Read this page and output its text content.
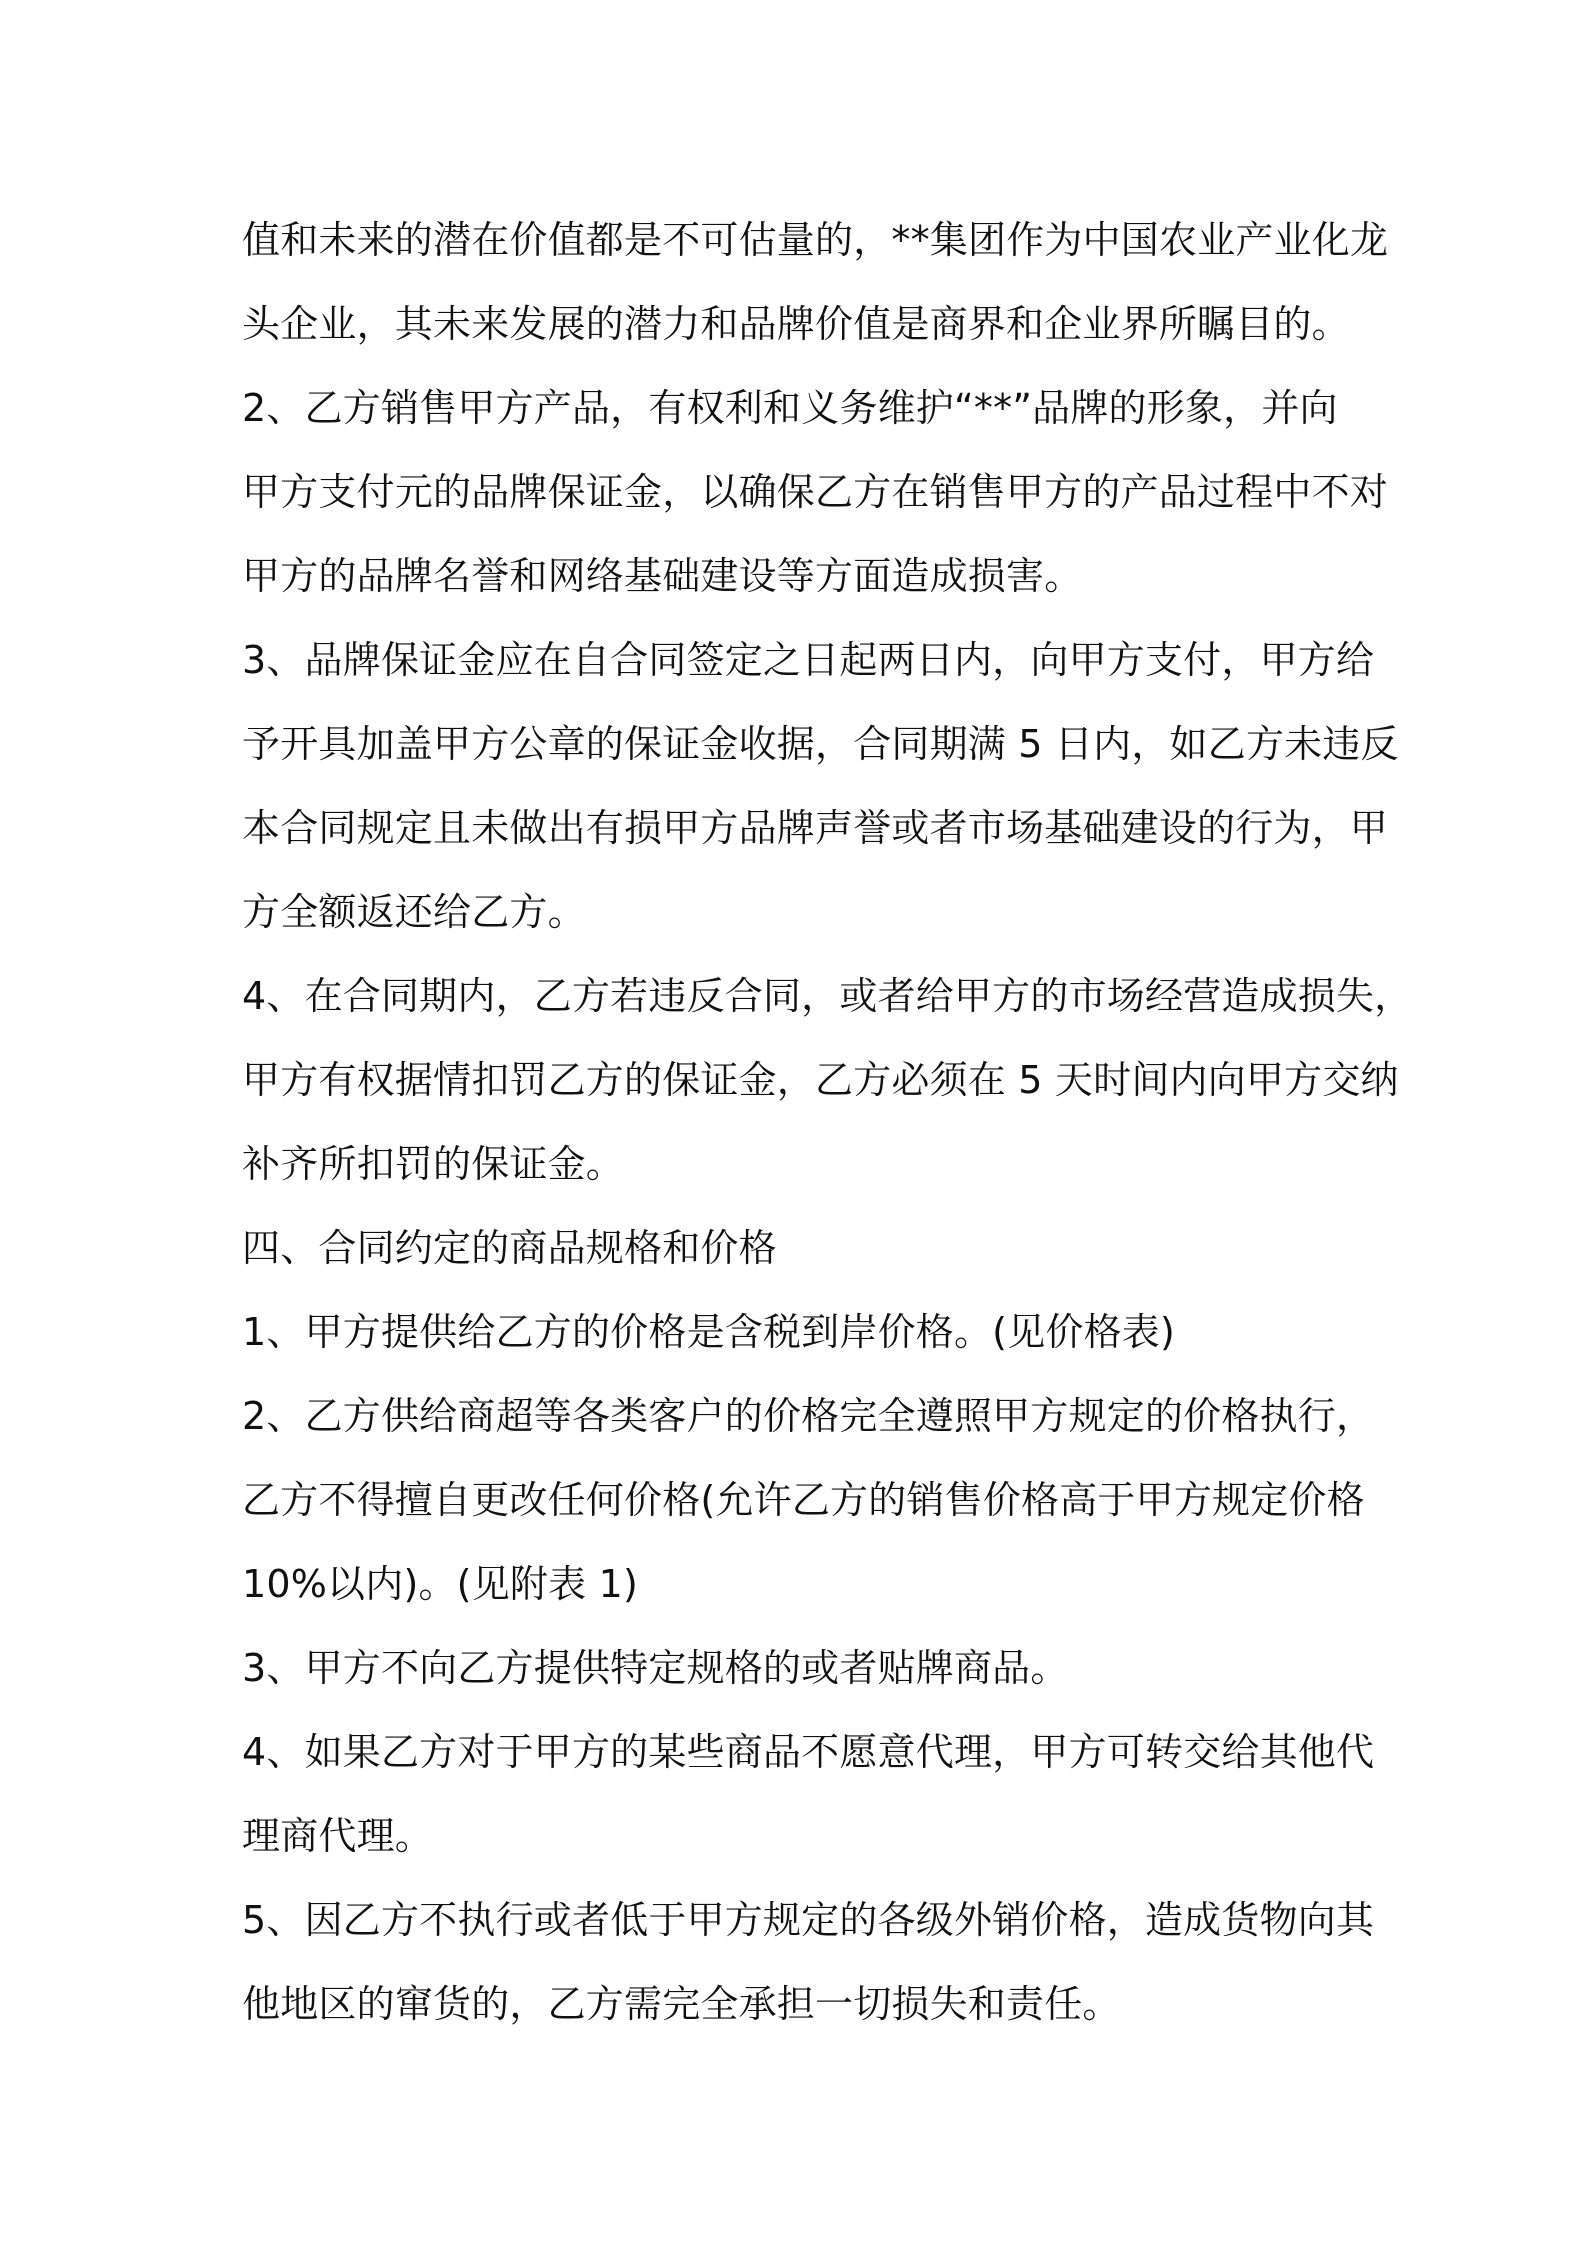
值和未来的潜在价值都是不可估量的，**集团作为中国农业产业化龙

头企业，其未来发展的潜力和品牌价值是商界和企业界所瞩目的。

2、乙方销售甲方产品，有权利和义务维护“**”品牌的形象，并向

甲方支付元的品牌保证金，以确保乙方在销售甲方的产品过程中不对

甲方的品牌名誉和网络基础建设等方面造成损害。

3、品牌保证金应在自合同签定之日起两日内，向甲方支付，甲方给

予开具加盖甲方公章的保证金收据，合同期满 5 日内，如乙方未违反

本合同规定且未做出有损甲方品牌声誉或者市场基础建设的行为，甲

方全额返还给乙方。

4、在合同期内，乙方若违反合同，或者给甲方的市场经营造成损失，

甲方有权据情扣罚乙方的保证金，乙方必须在 5 天时间内向甲方交纳

补齐所扣罚的保证金。

四、合同约定的商品规格和价格

1、甲方提供给乙方的价格是含税到岸价格。(见价格表)

2、乙方供给商超等各类客户的价格完全遵照甲方规定的价格执行，

乙方不得擅自更改任何价格(允许乙方的销售价格高于甲方规定价格

10%以内)。(见附表 1)

3、甲方不向乙方提供特定规格的或者贴牌商品。

4、如果乙方对于甲方的某些商品不愿意代理，甲方可转交给其他代

理商代理。

5、因乙方不执行或者低于甲方规定的各级外销价格，造成货物向其

他地区的窜货的，乙方需完全承担一切损失和责任。
